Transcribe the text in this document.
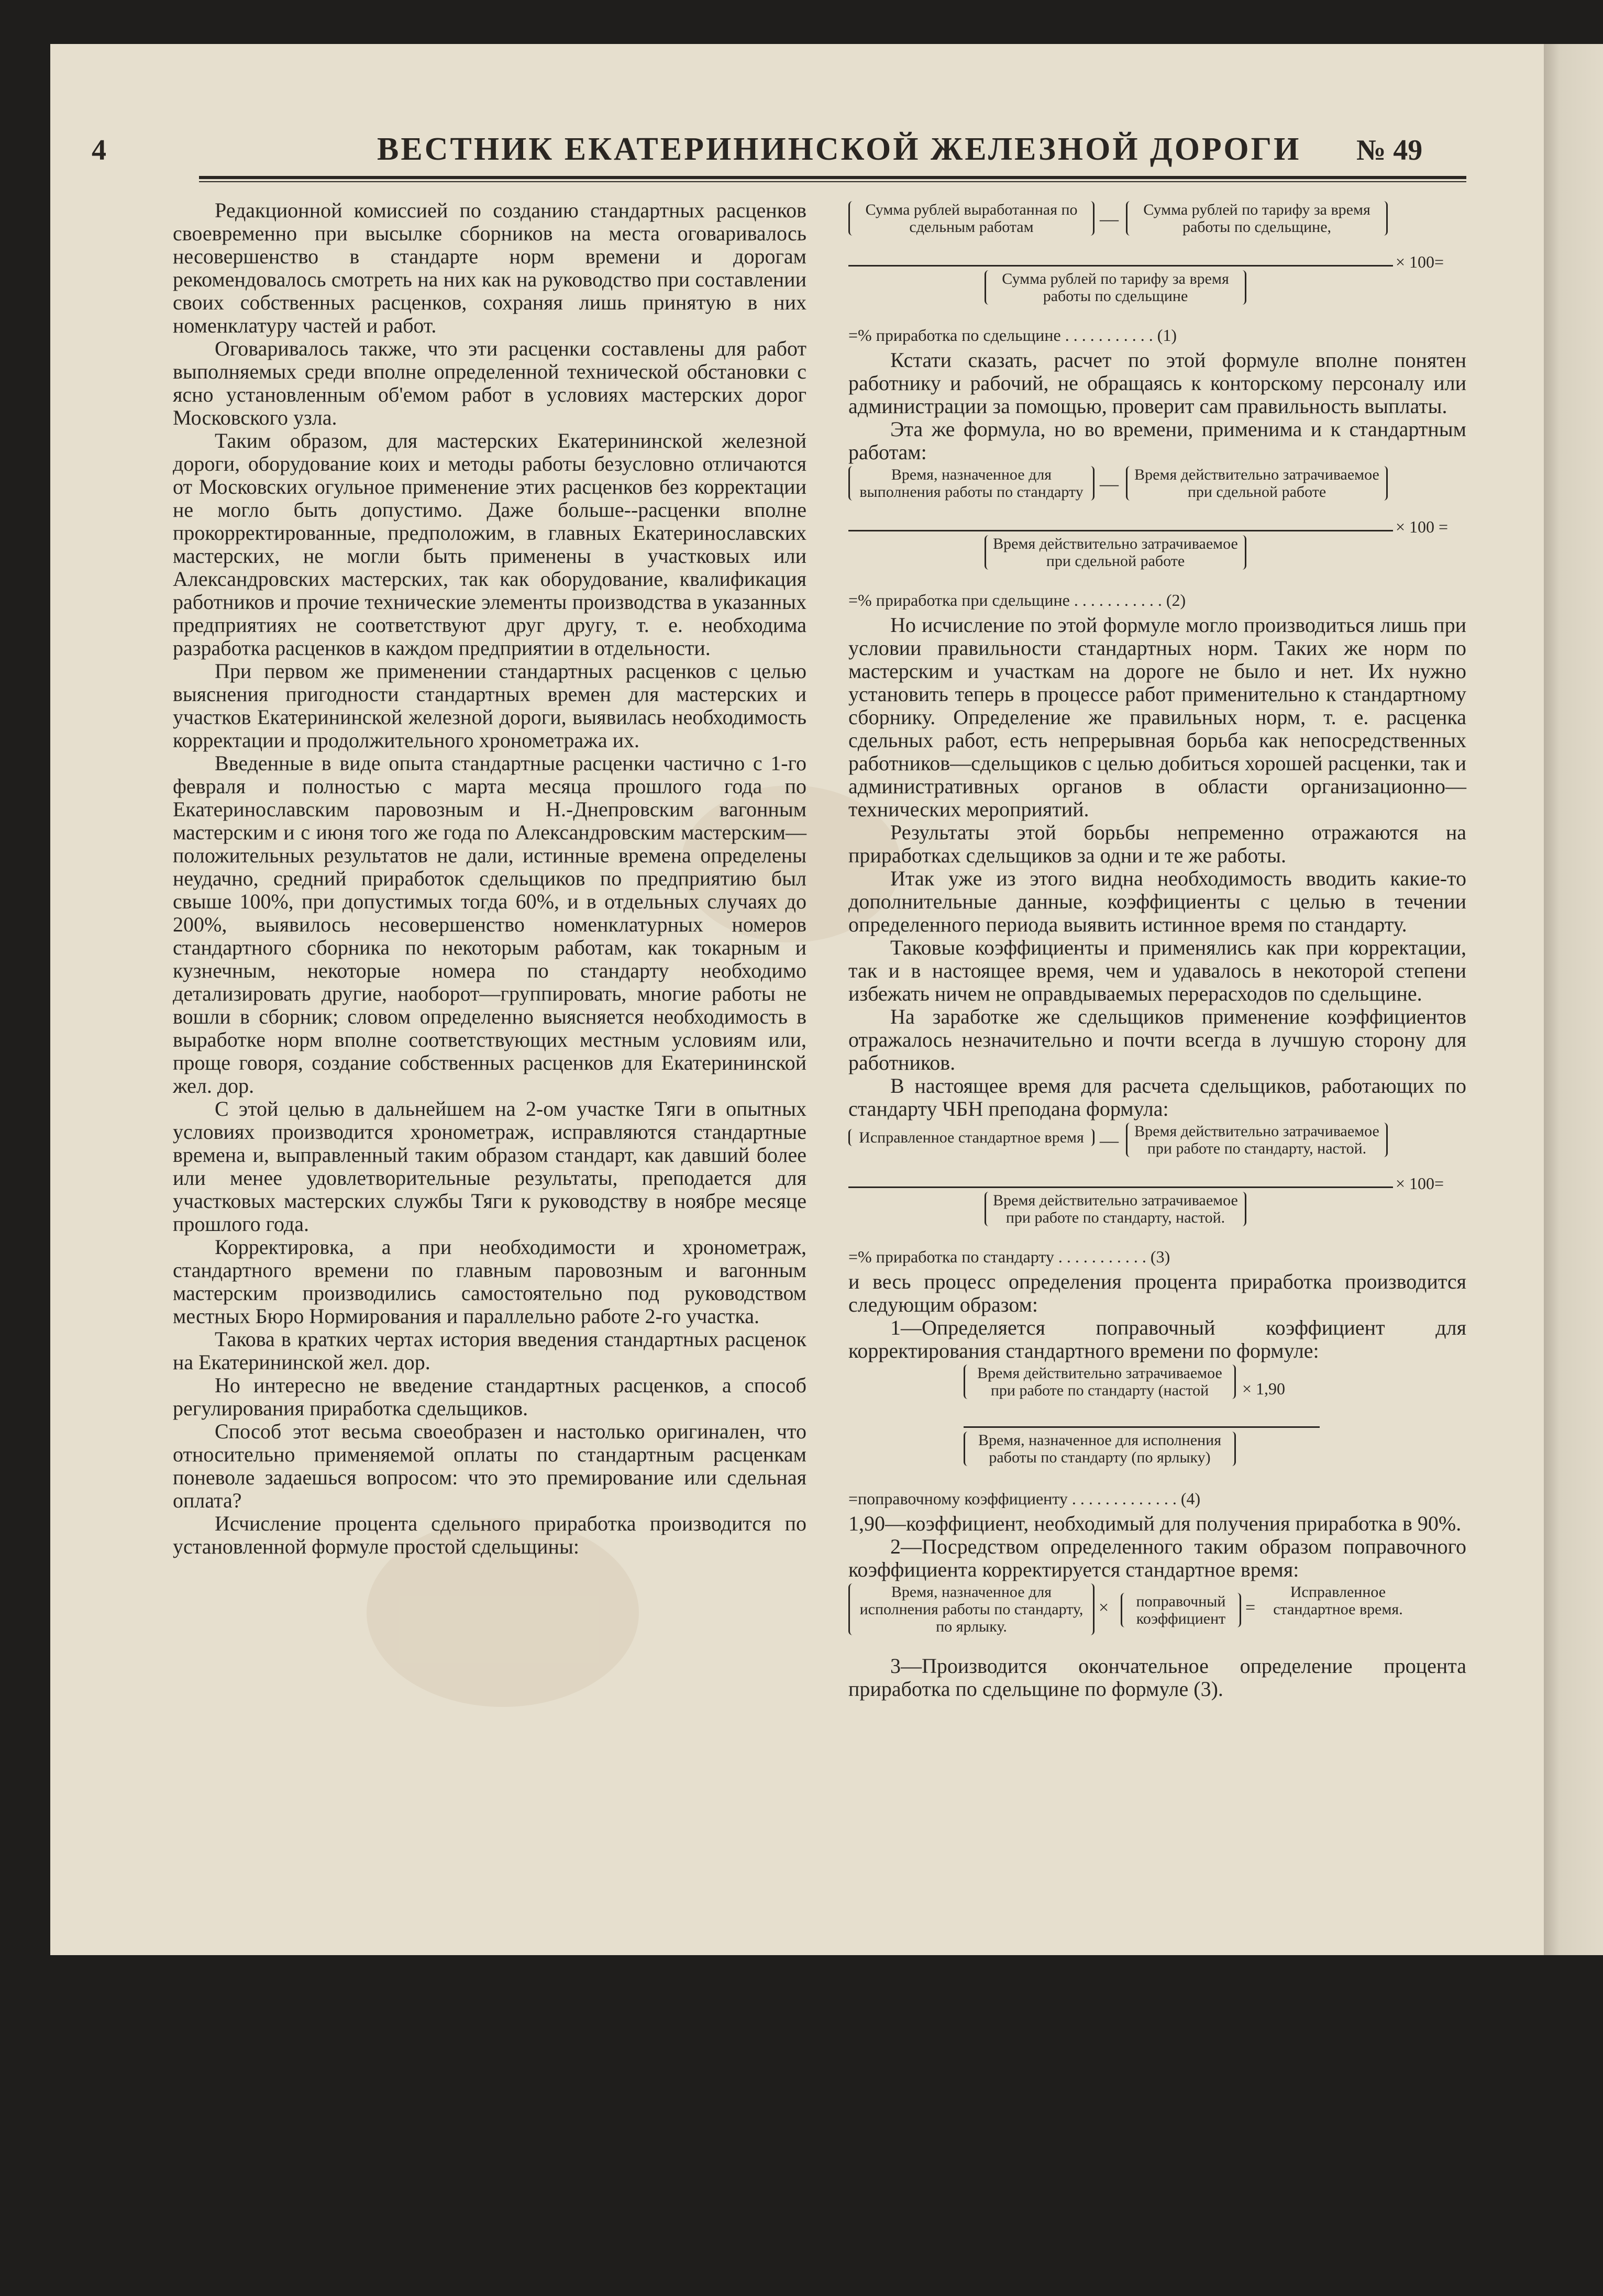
4	ВЕСТНИК ЕКАТЕРИНИНСКОЙ ЖЕЛЕЗНОЙ ДОРОГИ № 49

Редакционной комиссией по созданию стандартных расценков своевременно при высылке сборников на места оговаривалось несовершенство в стандарте норм времени и дорогам рекомендовалось смотреть на них как на руководство при составлении своих собственных расценков, сохраняя лишь принятую в них номенклатуру частей и работ.

Оговаривалось также, что эти расценки составлены для работ выполняемых среди вполне определенной технической обстановки с ясно установленным об'емом работ в условиях мастерских дорог Московского узла.

Таким образом, для мастерских Екатерининской железной дороги, оборудование коих и методы работы безусловно отличаются от Московских огульное применение этих расценков без корректации не могло быть допустимо. Даже больше--расценки вполне прокорректированные, предположим, в главных Екатеринославских мастерских, не могли быть применены в участковых или Александровских мастерских, так как оборудование, квалификация работников и прочие технические элементы производства в указанных предприятиях не соответствуют друг другу, т. е. необходима разработка расценков в каждом предприятии в отдельности.

При первом же применении стандартных расценков с целью выяснения пригодности стандартных времен для мастерских и участков Екатерининской железной дороги, выявилась необходимость корректации и продолжительного хронометража их.

Введенные в виде опыта стандартные расценки частично с 1-го февраля и полностью с марта месяца прошлого года по Екатеринославским паровозным и Н.-Днепровским вагонным мастерским и с июня того же года по Александровским мастерским—положительных результатов не дали, истинные времена определены неудачно, средний приработок сдельщиков по предприятию был свыше 100%, при допустимых тогда 60%, и в отдельных случаях до 200%, выявилось несовершенство номенклатурных номеров стандартного сборника по некоторым работам, как токарным и кузнечным, некоторые номера по стандарту необходимо детализировать другие, наоборот—группировать, многие работы не вошли в сборник; словом определенно выясняется необходимость в выработке норм вполне соответствующих местным условиям или, проще говоря, создание собственных расценков для Екатерининской жел. дор.

С этой целью в дальнейшем на 2-ом участке Тяги в опытных условиях производится хронометраж, исправляются стандартные времена и, выправленный таким образом стандарт, как давший более или менее удовлетворительные результаты, преподается для участковых мастерских службы Тяги к руководству в ноябре месяце прошлого года.

Корректировка, а при необходимости и хронометраж, стандартного времени по главным паровозным и вагонным мастерским производились самостоятельно под руководством местных Бюро Нормирования и параллельно работе 2-го участка.

Такова в кратких чертах история введения стандартных расценок на Екатерининской жел. дор.

Но интересно не введение стандартных расценков, а способ регулирования приработка сдельщиков.

Способ этот весьма своеобразен и настолько оригинален, что относительно применяемой оплаты по стандартным расценкам поневоле задаешься вопросом: что это премирование или сдельная оплата?

Исчисление процента сдельного приработка производится по установленной формуле простой сдельщины:

Сумма рублей выработанная по сдельным работам	—	Сумма рублей по тарифу за время работы по сдельщине,
× 100=
Сумма рублей по тарифу за время работы по сдельщине
=% приработка по сдельщине . . . . . . . . . . . (1)

Кстати сказать, расчет по этой формуле вполне понятен работнику и рабочий, не обращаясь к конторскому персоналу или администрации за помощью, проверит сам правильность выплаты.

Эта же формула, но во времени, применима и к стандартным работам:

Время, назначенное для выполнения работы по стандарту —	Время действительно затрачиваемое при сдельной работе
× 100 =
Время действительно затрачиваемое при сдельной работе
=% приработка при сдельщине . . . . . . . . . . . (2)

Но исчисление по этой формуле могло производиться лишь при условии правильности стандартных норм. Таких же норм по мастерским и участкам на дороге не было и нет. Их нужно установить теперь в процессе работ применительно к стандартному сборнику. Определение же правильных норм, т. е. расценка сдельных работ, есть непрерывная борьба как непосредственных работников—сдельщиков с целью добиться хорошей расценки, так и административных органов в области организационно—технических мероприятий.

Результаты этой борьбы непременно отражаются на приработках сдельщиков за одни и те же работы.

Итак уже из этого видна необходимость вводить какие-то дополнительные данные, коэффициенты с целью в течении определенного периода выявить истинное время по стандарту.

Таковые коэффициенты и применялись как при корректации, так и в настоящее время, чем и удавалось в некоторой степени избежать ничем не оправдываемых перерасходов по сдельщине.

На заработке же сдельщиков применение коэффициентов отражалось незначительно и почти всегда в лучшую сторону для работников.

В настоящее время для расчета сдельщиков, работающих по стандарту ЧБН преподана формула:

Исправленное стандартное время —	Время действительно затрачиваемое при работе по стандарту, настой.
× 100=
Время действительно затрачиваемое при работе по стандарту, настой.
=% приработка по стандарту . . . . . . . . . . . (3)

и весь процесс определения процента приработка производится следующим образом:

1—Определяется поправочный коэффициент для корректирования стандартного времени по формуле:

Время действительно затрачиваемое при работе по стандарту (настой	× 1,90
Время, назначенное для исполнения работы по стандарту (по ярлыку)
=поправочному коэффициенту . . . . . . . . . . . . . (4)

1,90—коэффициент, необходимый для получения приработка в 90%.

2—Посредством определенного таким образом поправочного коэффициента корректируется стандартное время:

Время, назначенное для исполнения работы по стандарту, по ярлыку.
×	поправочный коэффициент
=
Исправленное стандартное время.

3—Производится окончательное определение процента приработка по сдельщине по формуле (3).
